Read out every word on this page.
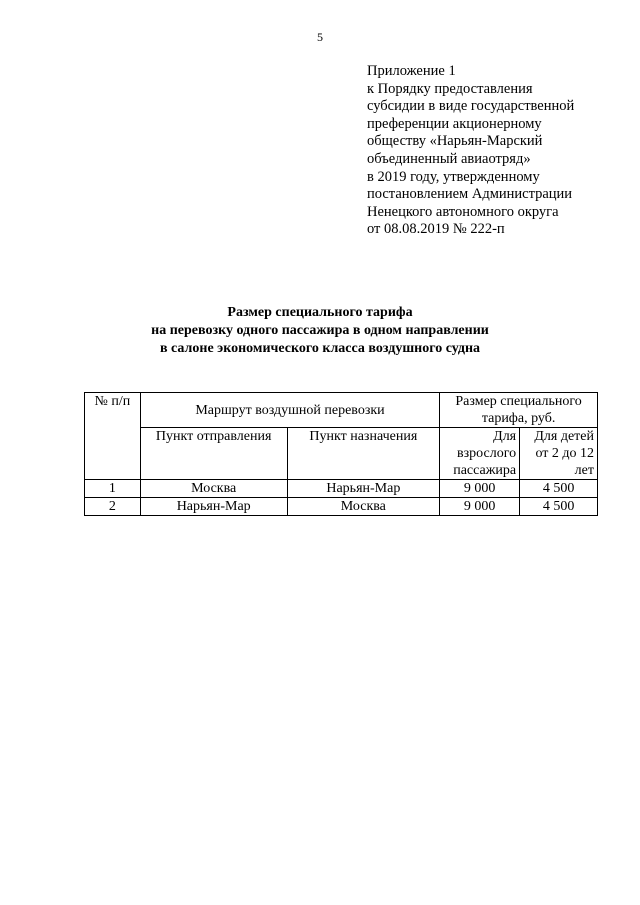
5
Приложение 1
к Порядку предоставления
субсидии в виде государственной
преференции акционерному
обществу «Нарьян-Марский
объединенный авиаотряд»
в 2019 году, утвержденному
постановлением Администрации
Ненецкого автономного округа
от 08.08.2019 № 222-п
Размер специального тарифа
на перевозку одного пассажира в одном направлении
в салоне экономического класса воздушного судна
№ п/п	Маршрут воздушной перевозки		Размер специального тарифа, руб.	
	Пункт отправления	Пункт назначения	Для взрослого пассажира	Для детей от 2 до 12 лет
1	Москва	Нарьян-Мар	9 000	4 500
2	Нарьян-Мар	Москва	9 000	4 500
